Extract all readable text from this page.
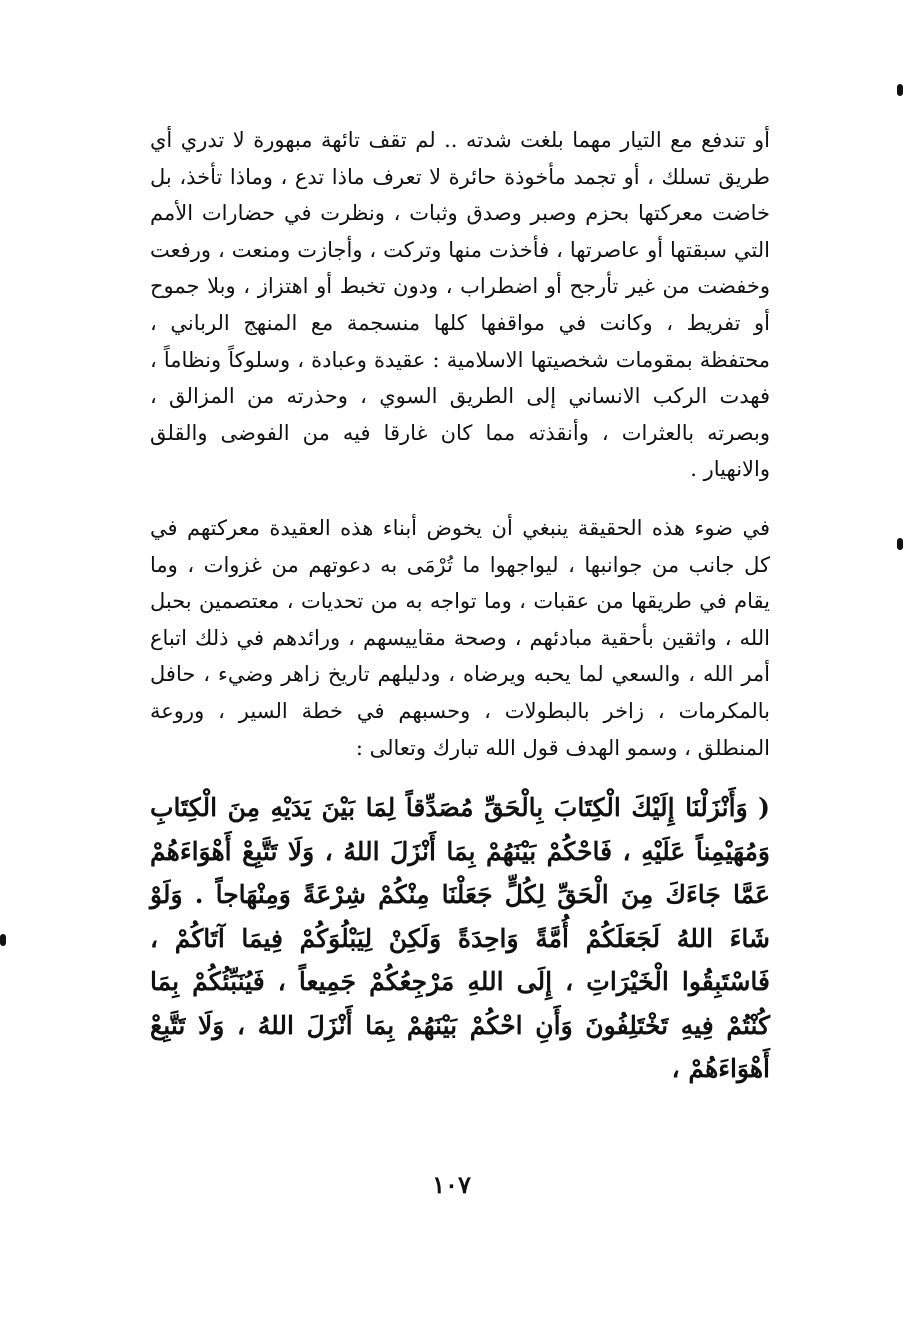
أو تندفع مع التيار مهما بلغت شدته .. لم تقف تائهة مبهورة لا تدري أي طريق تسلك ، أو تجمد مأخوذة حائرة لا تعرف ماذا تدع ، وماذا تأخذ، بل خاضت معركتها بحزم وصبر وصدق وثبات ، ونظرت في حضارات الأمم التي سبقتها أو عاصرتها ، فأخذت منها وتركت ، وأجازت ومنعت ، ورفعت وخفضت من غير تأرجح أو اضطراب ، ودون تخبط أو اهتزاز ، وبلا جموح أو تفريط ، وكانت في مواقفها كلها منسجمة مع المنهج الرباني ، محتفظة بمقومات شخصيتها الاسلامية : عقيدة وعبادة ، وسلوكاً ونظاماً ، فهدت الركب الانساني إلى الطريق السوي ، وحذرته من المزالق ، وبصرته بالعثرات ، وأنقذته مما كان غارقا فيه من الفوضى والقلق والانهيار .

في ضوء هذه الحقيقة ينبغي أن يخوض أبناء هذه العقيدة معركتهم في كل جانب من جوانبها ، ليواجهوا ما تُرْمَى به دعوتهم من غزوات ، وما يقام في طريقها من عقبات ، وما تواجه به من تحديات ، معتصمين بحبل الله ، واثقين بأحقية مبادئهم ، وصحة مقاييسهم ، ورائدهم في ذلك اتباع أمر الله ، والسعي لما يحبه ويرضاه ، ودليلهم تاريخ زاهر وضيء ، حافل بالمكرمات ، زاخر بالبطولات ، وحسبهم في خطة السير ، وروعة المنطلق ، وسمو الهدف قول الله تبارك وتعالى :

( وَأَنْزَلْنَا إِلَيْكَ الْكِتَابَ بِالْحَقِّ مُصَدِّقاً لِمَا بَيْنَ يَدَيْهِ مِنَ الْكِتَابِ وَمُهَيْمِناً عَلَيْهِ ، فَاحْكُمْ بَيْنَهُمْ بِمَا أَنْزَلَ اللهُ ، وَلَا تَتَّبِعْ أَهْوَاءَهُمْ عَمَّا جَاءَكَ مِنَ الْحَقِّ لِكُلٍّ جَعَلْنَا مِنْكُمْ شِرْعَةً وَمِنْهَاجاً . وَلَوْ شَاءَ اللهُ لَجَعَلَكُمْ أُمَّةً وَاحِدَةً وَلَكِنْ لِيَبْلُوَكُمْ فِيمَا آتَاكُمْ ، فَاسْتَبِقُوا الْخَيْرَاتِ ، إِلَى اللهِ مَرْجِعُكُمْ جَمِيعاً ، فَيُنَبِّئُكُمْ بِمَا كُنْتُمْ فِيهِ تَخْتَلِفُونَ وَأَنِ احْكُمْ بَيْنَهُمْ بِمَا أَنْزَلَ اللهُ ، وَلَا تَتَّبِعْ أَهْوَاءَهُمْ ،

١٠٧
